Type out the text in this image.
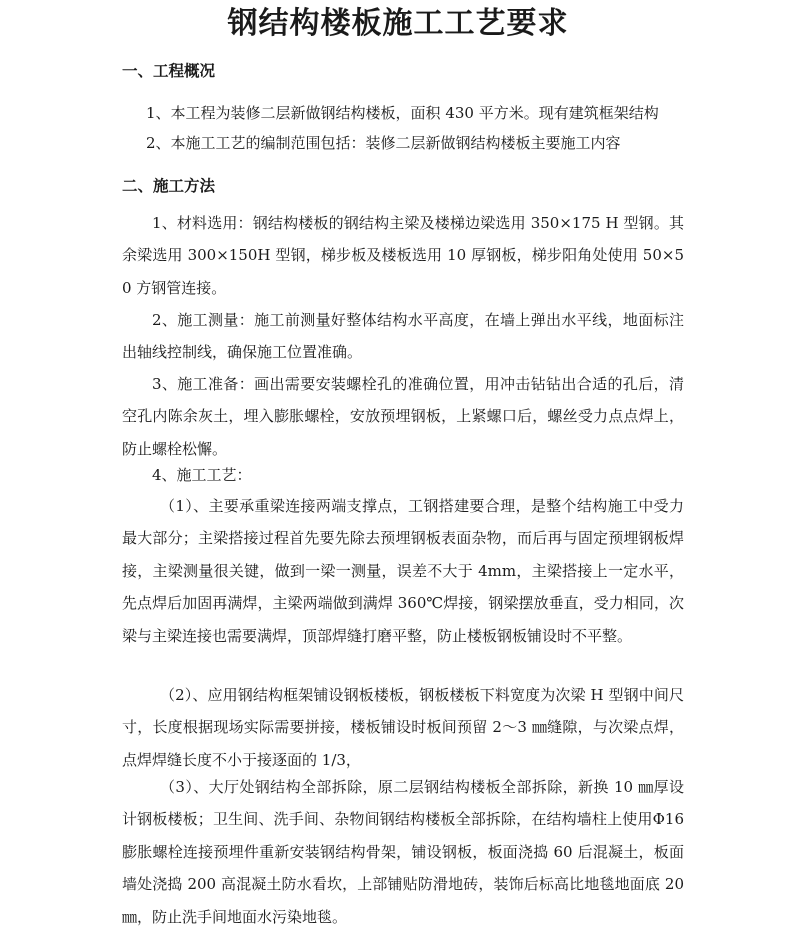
钢结构楼板施工工艺要求
一、工程概况
1、本工程为装修二层新做钢结构楼板，面积 430 平方米。现有建筑框架结构
2、本施工工艺的编制范围包括：装修二层新做钢结构楼板主要施工内容
二、施工方法
1、材料选用：钢结构楼板的钢结构主梁及楼梯边梁选用 350×175 H 型钢。其余梁选用 300×150H 型钢，梯步板及楼板选用 10 厚钢板，梯步阳角处使用 50×50 方钢管连接。
2、施工测量：施工前测量好整体结构水平高度，在墙上弹出水平线，地面标注出轴线控制线，确保施工位置准确。
3、施工准备：画出需要安装螺栓孔的准确位置，用冲击钻钻出合适的孔后，清空孔内陈余灰土，埋入膨胀螺栓，安放预埋钢板，上紧螺口后，螺丝受力点点焊上，防止螺栓松懈。
4、施工工艺：
（1）、主要承重梁连接两端支撑点，工钢搭建要合理，是整个结构施工中受力最大部分；主梁搭接过程首先要先除去预埋钢板表面杂物，而后再与固定预埋钢板焊接，主梁测量很关键，做到一梁一测量，误差不大于 4mm，主梁搭接上一定水平，先点焊后加固再满焊，主梁两端做到满焊 360℃焊接，钢梁摆放垂直，受力相同，次梁与主梁连接也需要满焊，顶部焊缝打磨平整，防止楼板钢板铺设时不平整。
（2）、应用钢结构框架铺设钢板楼板，钢板楼板下料宽度为次梁 H 型钢中间尺寸，长度根据现场实际需要拼接，楼板铺设时板间预留 2～3 ㎜缝隙，与次梁点焊，点焊焊缝长度不小于接逐面的 1/3，
（3）、大厅处钢结构全部拆除，原二层钢结构楼板全部拆除，新换 10 ㎜厚设计钢板楼板；卫生间、洗手间、杂物间钢结构楼板全部拆除，在结构墙柱上使用Φ16 膨胀螺栓连接预埋件重新安装钢结构骨架，铺设钢板，板面浇捣 60 后混凝土，板面墙处浇捣 200 高混凝土防水看坎，上部铺贴防滑地砖，装饰后标高比地毯地面底 20 ㎜，防止洗手间地面水污染地毯。
